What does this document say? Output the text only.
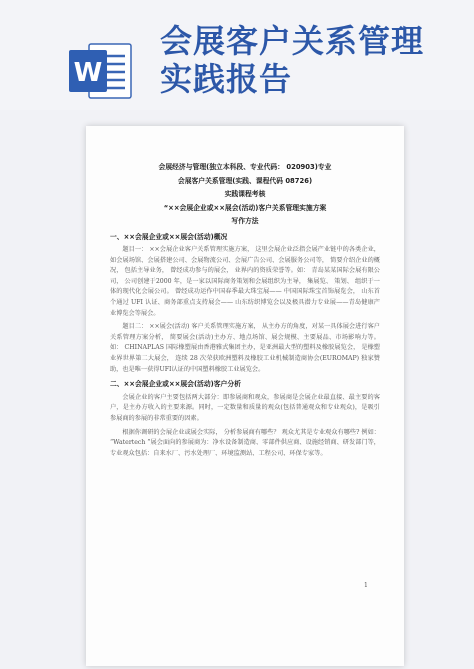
W
会展客户关系管理
实践报告
会展经济与管理(独立本科段、专业代码： 020903)专业
会展客户关系管理(实践、课程代码 08726)
实践课程考核
“××会展企业或××展会(活动)客户关系管理实施方案
写作方法
一、××会展企业或××展会(活动)概况

题目一： ××会展企业客户关系管理实施方案， 这里会展企业泛指会展产业链中的各类企业，如会展场馆、会展搭建公司、会展物流公司、会展广告公司、会展服务公司等， 简要介绍企业的概况， 包括主导业务， 曾经成功参与的展会， 业界内的资质荣誉等。如： 青岛某某国际会展有限公司， 公司创建于2000 年，是一家以国际商务策划和会展组织为主导， 集展览、 策划、 组织于一体的现代化会展公司。 曾经成功运作中国春季最大珠宝展—— 中国国际珠宝首饰展览会， 山东首个通过 UFI 认证、商务部重点支持展会—— 山东纺织博览会以及极具潜力专业展——青岛健康产业博览会等展会。

题目二： ××展会(活动) 客户关系管理实施方案， 从主办方的角度，对某一具体展会进行客户关系管理方案分析， 简要展会(活动)主办方、地点场馆、展会规模、主要展品、市场影响力等。 如： CHINAPLAS 国际橡塑展由香港雅式集团主办，是亚洲最大型的塑料及橡胶展览会， 是橡塑业界世界第二大展会， 连续 28 次荣获欧洲塑料及橡胶工业机械制造商协会(EUROMAP) 独家赞助，也是唯一获得UFI认证的中国塑料橡胶工业展览会。

二、××会展企业或××展会(活动)客户分析

会展企业的客户主要包括两大部分：即参展商和观众，参展商是会展企业最直接、最主要的客户，是主办方收入的主要来源。同时，一定数量和质量的观众(包括普通观众和专业观众)，是吸引参展商的参展的非常重要的因素。

根据你调研的会展企业或展会实际， 分析参展商有哪些？ 观众尤其是专业观众有哪些? 例如： “Watertech ”展会面向的参展商为：净水设备制造商、零部件供应商、设施经销商、研发部门等，专业观众包括：自来水厂、污水处理厂、环境监测站、工程公司、环保专家等。

1
